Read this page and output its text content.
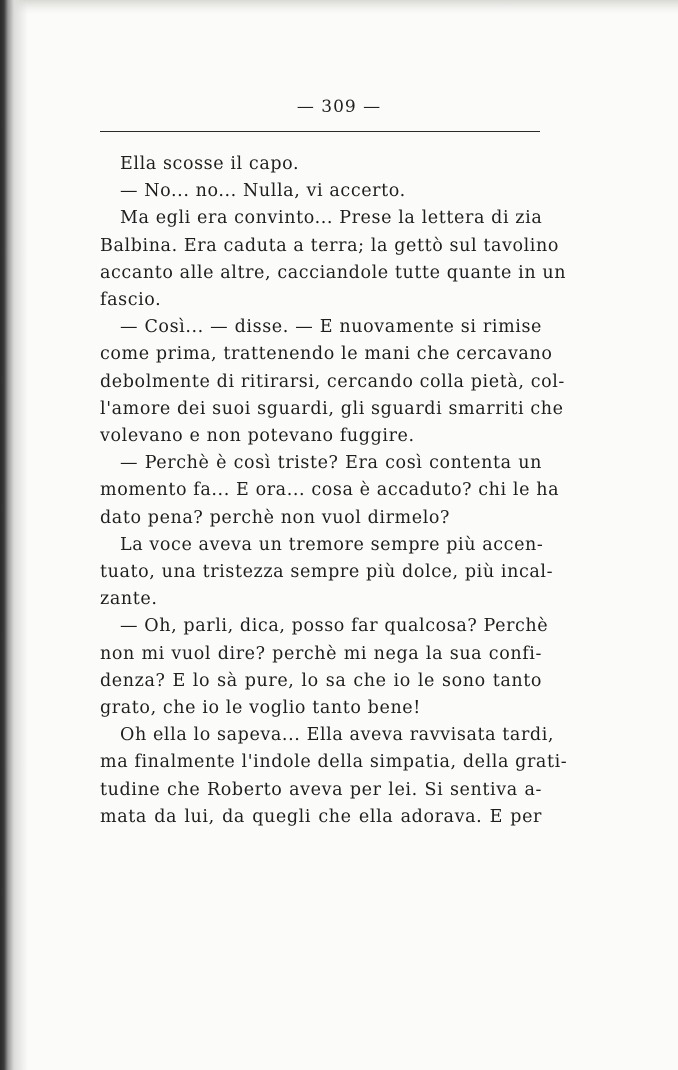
— 309 —
Ella scosse il capo.
— No... no... Nulla, vi accerto.
Ma egli era convinto... Prese la lettera di zia
Balbina. Era caduta a terra; la gettò sul tavolino
accanto alle altre, cacciandole tutte quante in un
fascio.
— Così... — disse. — E nuovamente si rimise
come prima, trattenendo le mani che cercavano
debolmente di ritirarsi, cercando colla pietà, col-
l'amore dei suoi sguardi, gli sguardi smarriti che
volevano e non potevano fuggire.
— Perchè è così triste? Era così contenta un
momento fa... E ora... cosa è accaduto? chi le ha
dato pena? perchè non vuol dirmelo?
La voce aveva un tremore sempre più accen-
tuato, una tristezza sempre più dolce, più incal-
zante.
— Oh, parli, dica, posso far qualcosa? Perchè
non mi vuol dire? perchè mi nega la sua confi-
denza? E lo sà pure, lo sa che io le sono tanto
grato, che io le voglio tanto bene!
Oh ella lo sapeva... Ella aveva ravvisata tardi,
ma finalmente l'indole della simpatia, della grati-
tudine che Roberto aveva per lei. Si sentiva a-
mata da lui, da quegli che ella adorava. E per
